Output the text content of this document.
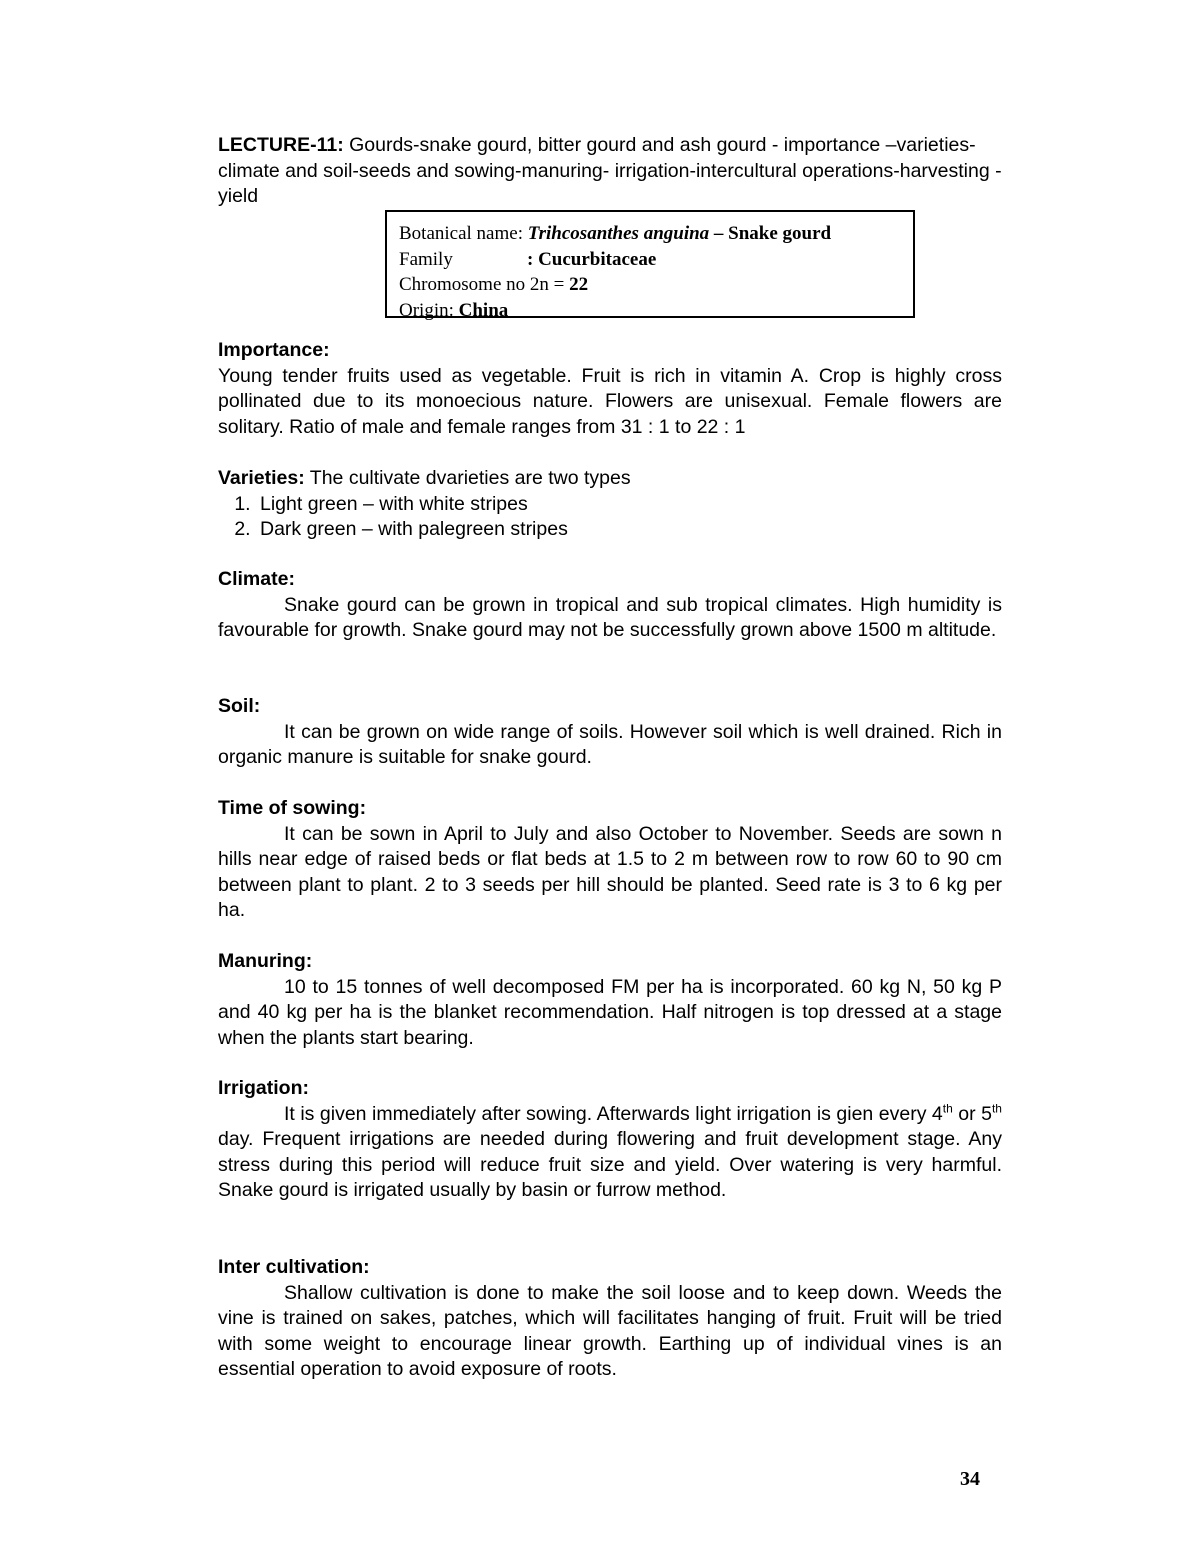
LECTURE-11: Gourds-snake gourd, bitter gourd and ash gourd - importance –varieties-climate and soil-seeds and sowing-manuring- irrigation-intercultural operations-harvesting - yield

Botanical name: Trihcosanthes anguina – Snake gourd
Family	: Cucurbitaceae
Chromosome no 2n = 22
Origin: China

Importance:

Young tender fruits used as vegetable. Fruit is rich in vitamin A. Crop is highly cross pollinated due to its monoecious nature. Flowers are unisexual. Female flowers are solitary. Ratio of male and female ranges from 31 : 1 to 22 : 1

Varieties: The cultivate dvarieties are two types

1. Light green – with white stripes
2. Dark green – with palegreen stripes

Climate:

Snake gourd can be grown in tropical and sub tropical climates. High humidity is favourable for growth. Snake gourd may not be successfully grown above 1500 m altitude.

Soil:

It can be grown on wide range of soils. However soil which is well drained. Rich in organic manure is suitable for snake gourd.

Time of sowing:

It can be sown in April to July and also October to November. Seeds are sown n hills near edge of raised beds or flat beds at 1.5 to 2 m between row to row 60 to 90 cm between plant to plant. 2 to 3 seeds per hill should be planted. Seed rate is 3 to 6 kg per ha.

Manuring:

10 to 15 tonnes of well decomposed FM per ha is incorporated. 60 kg N, 50 kg P and 40 kg per ha is the blanket recommendation. Half nitrogen is top dressed at a stage when the plants start bearing.

Irrigation:

It is given immediately after sowing. Afterwards light irrigation is gien every 4th or 5th day. Frequent irrigations are needed during flowering and fruit development stage. Any stress during this period will reduce fruit size and yield. Over watering is very harmful. Snake gourd is irrigated usually by basin or furrow method.

Inter cultivation:

Shallow cultivation is done to make the soil loose and to keep down. Weeds the vine is trained on sakes, patches, which will facilitates hanging of fruit. Fruit will be tried with some weight to encourage linear growth. Earthing up of individual vines is an essential operation to avoid exposure of roots.

34
